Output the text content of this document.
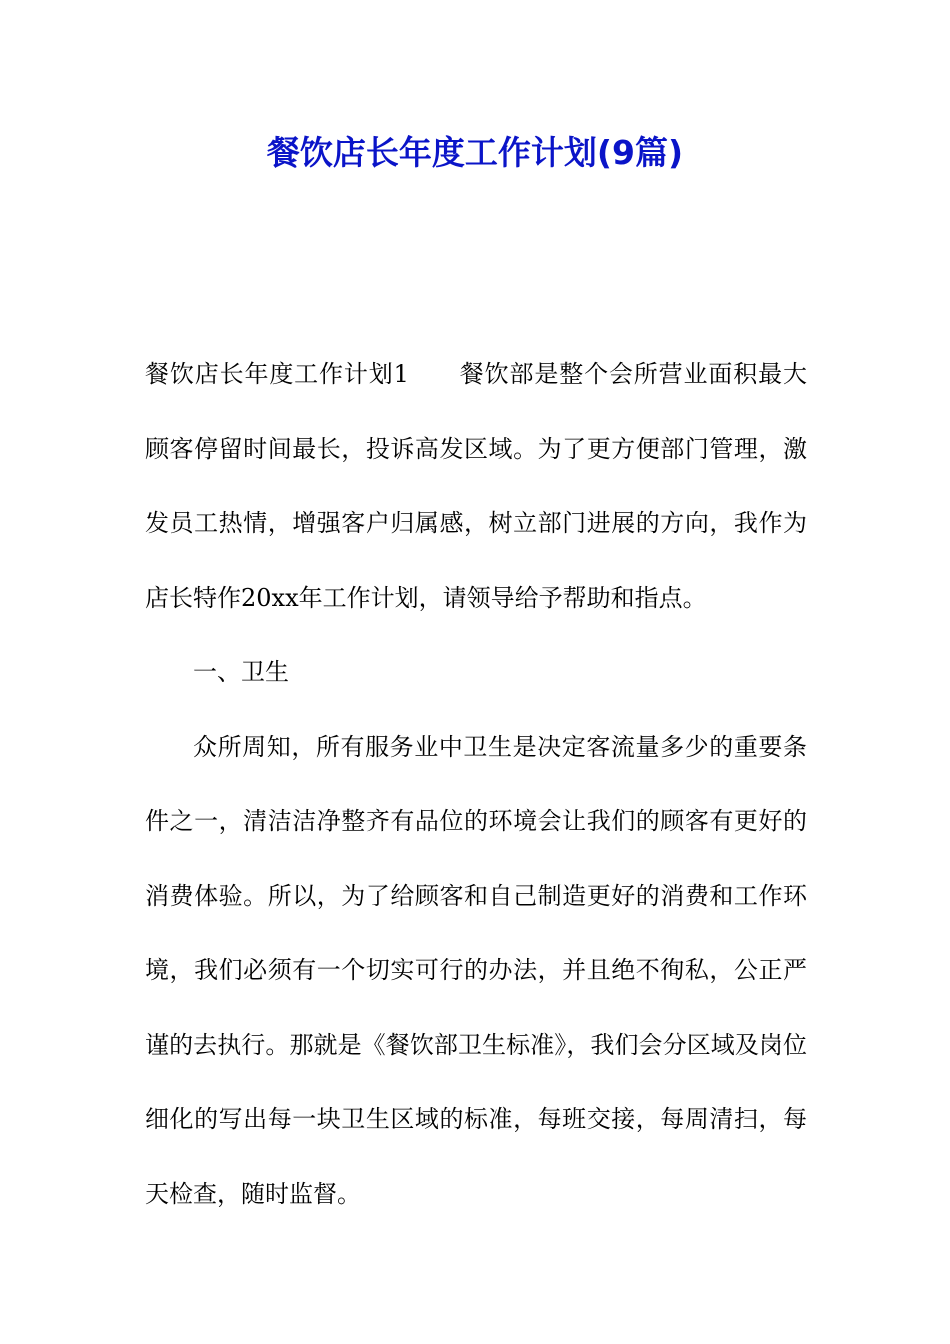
餐饮店长年度工作计划(9篇)

餐饮店长年度工作计划1 餐饮部是整个会所营业面积最大顾客停留时间最长，投诉高发区域。为了更方便部门管理，激发员工热情，增强客户归属感，树立部门进展的方向，我作为店长特作20xx年工作计划，请领导给予帮助和指点。

一、卫生

众所周知，所有服务业中卫生是决定客流量多少的重要条件之一，清洁洁净整齐有品位的环境会让我们的顾客有更好的消费体验。所以，为了给顾客和自己制造更好的消费和工作环境，我们必须有一个切实可行的办法，并且绝不徇私，公正严谨的去执行。那就是《餐饮部卫生标准》，我们会分区域及岗位细化的写出每一块卫生区域的标准，每班交接，每周清扫，每天检查，随时监督。
